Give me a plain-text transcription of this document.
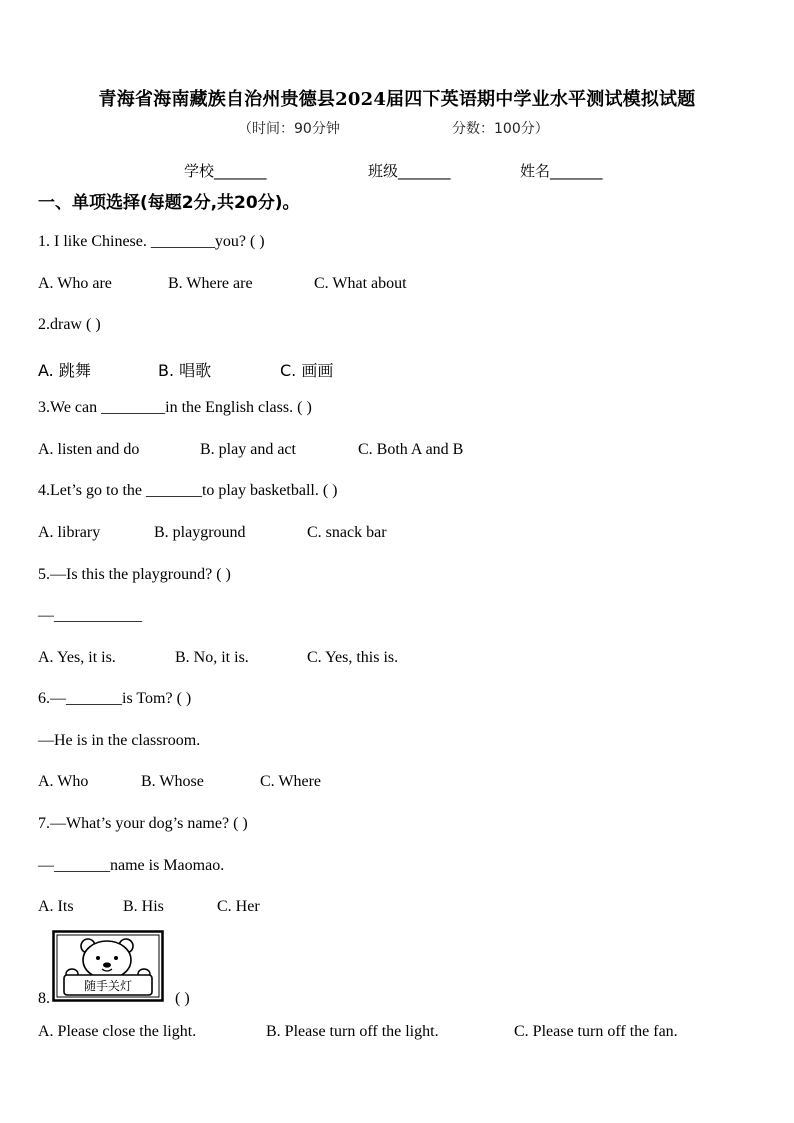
青海省海南藏族自治州贵德县2024届四下英语期中学业水平测试模拟试题
（时间：90分钟	分数：100分）
学校_______	班级_______	姓名_______
一、单项选择(每题2分,共20分)。
1. I like Chinese. ________you? ( )
A. Who are	B. Where are	C. What about
2.draw ( )
A. 跳舞	B. 唱歌	C. 画画
3.We can ________in the English class. ( )
A. listen and do	B. play and act	C. Both A and B
4.Let’s go to the _______to play basketball. ( )
A. library	B. playground	C. snack bar
5.—Is this the playground? ( )
—___________
A. Yes, it is.	B. No, it is.	C. Yes, this is.
6.—_______is Tom? ( )
—He is in the classroom.
A. Who	B. Whose	C. Where
7.—What’s your dog’s name? ( )
—_______name is Maomao.
A. Its	B. His	C. Her
8.
随手关灯
( )
A. Please close the light.	B. Please turn off the light.	C. Please turn off the fan.
